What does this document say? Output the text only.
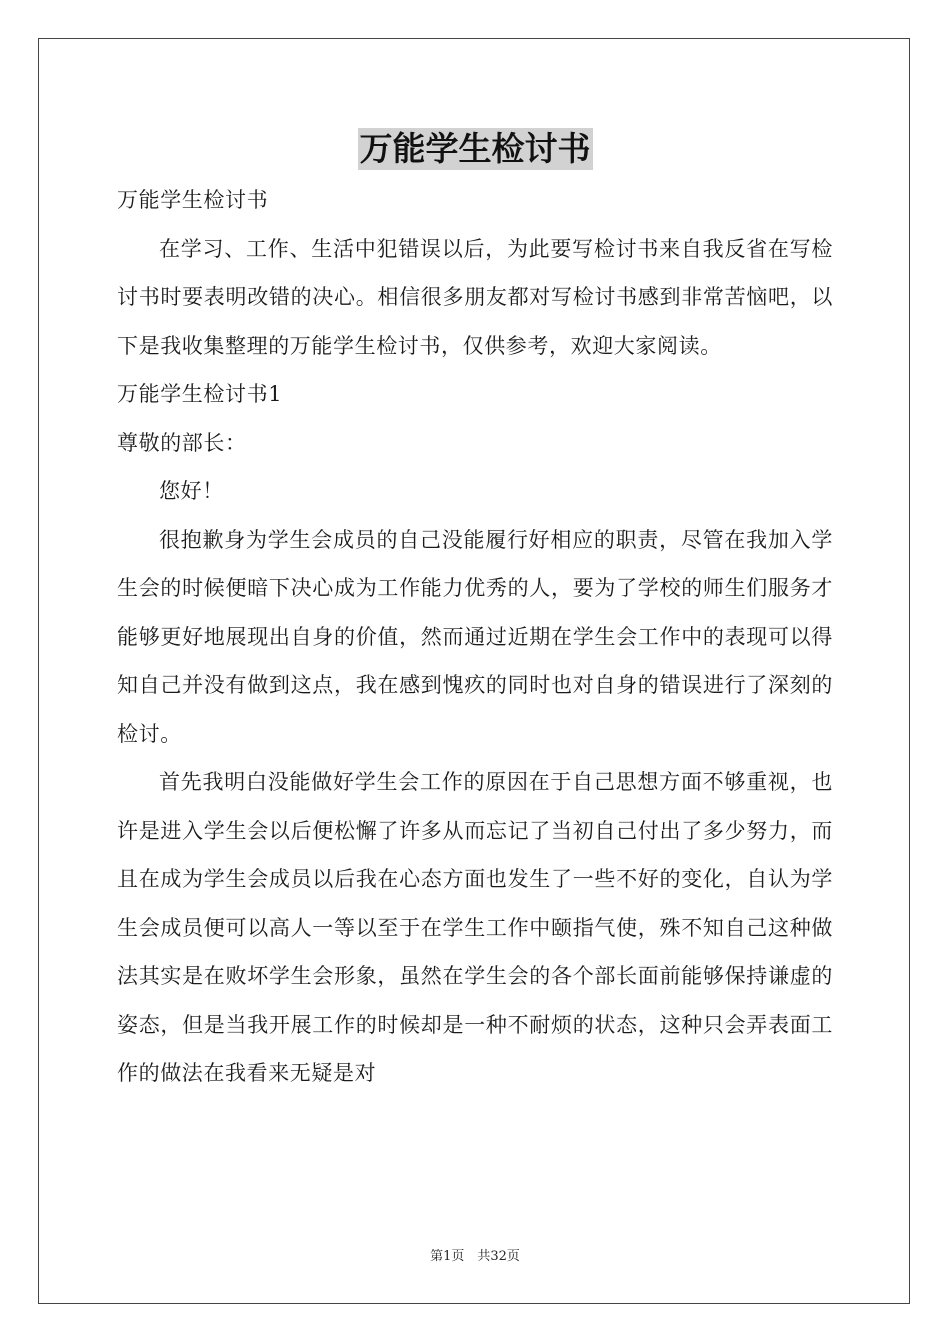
万能学生检讨书

万能学生检讨书

在学习、工作、生活中犯错误以后，为此要写检讨书来自我反省在写检讨书时要表明改错的决心。相信很多朋友都对写检讨书感到非常苦恼吧，以下是我收集整理的万能学生检讨书，仅供参考，欢迎大家阅读。

万能学生检讨书1

尊敬的部长：

您好！

很抱歉身为学生会成员的自己没能履行好相应的职责，尽管在我加入学生会的时候便暗下决心成为工作能力优秀的人，要为了学校的师生们服务才能够更好地展现出自身的价值，然而通过近期在学生会工作中的表现可以得知自己并没有做到这点，我在感到愧疚的同时也对自身的错误进行了深刻的检讨。

首先我明白没能做好学生会工作的原因在于自己思想方面不够重视，也许是进入学生会以后便松懈了许多从而忘记了当初自己付出了多少努力，而且在成为学生会成员以后我在心态方面也发生了一些不好的变化，自认为学生会成员便可以高人一等以至于在学生工作中颐指气使，殊不知自己这种做法其实是在败坏学生会形象，虽然在学生会的各个部长面前能够保持谦虚的姿态，但是当我开展工作的时候却是一种不耐烦的状态，这种只会弄表面工作的做法在我看来无疑是对

第1页　共32页
